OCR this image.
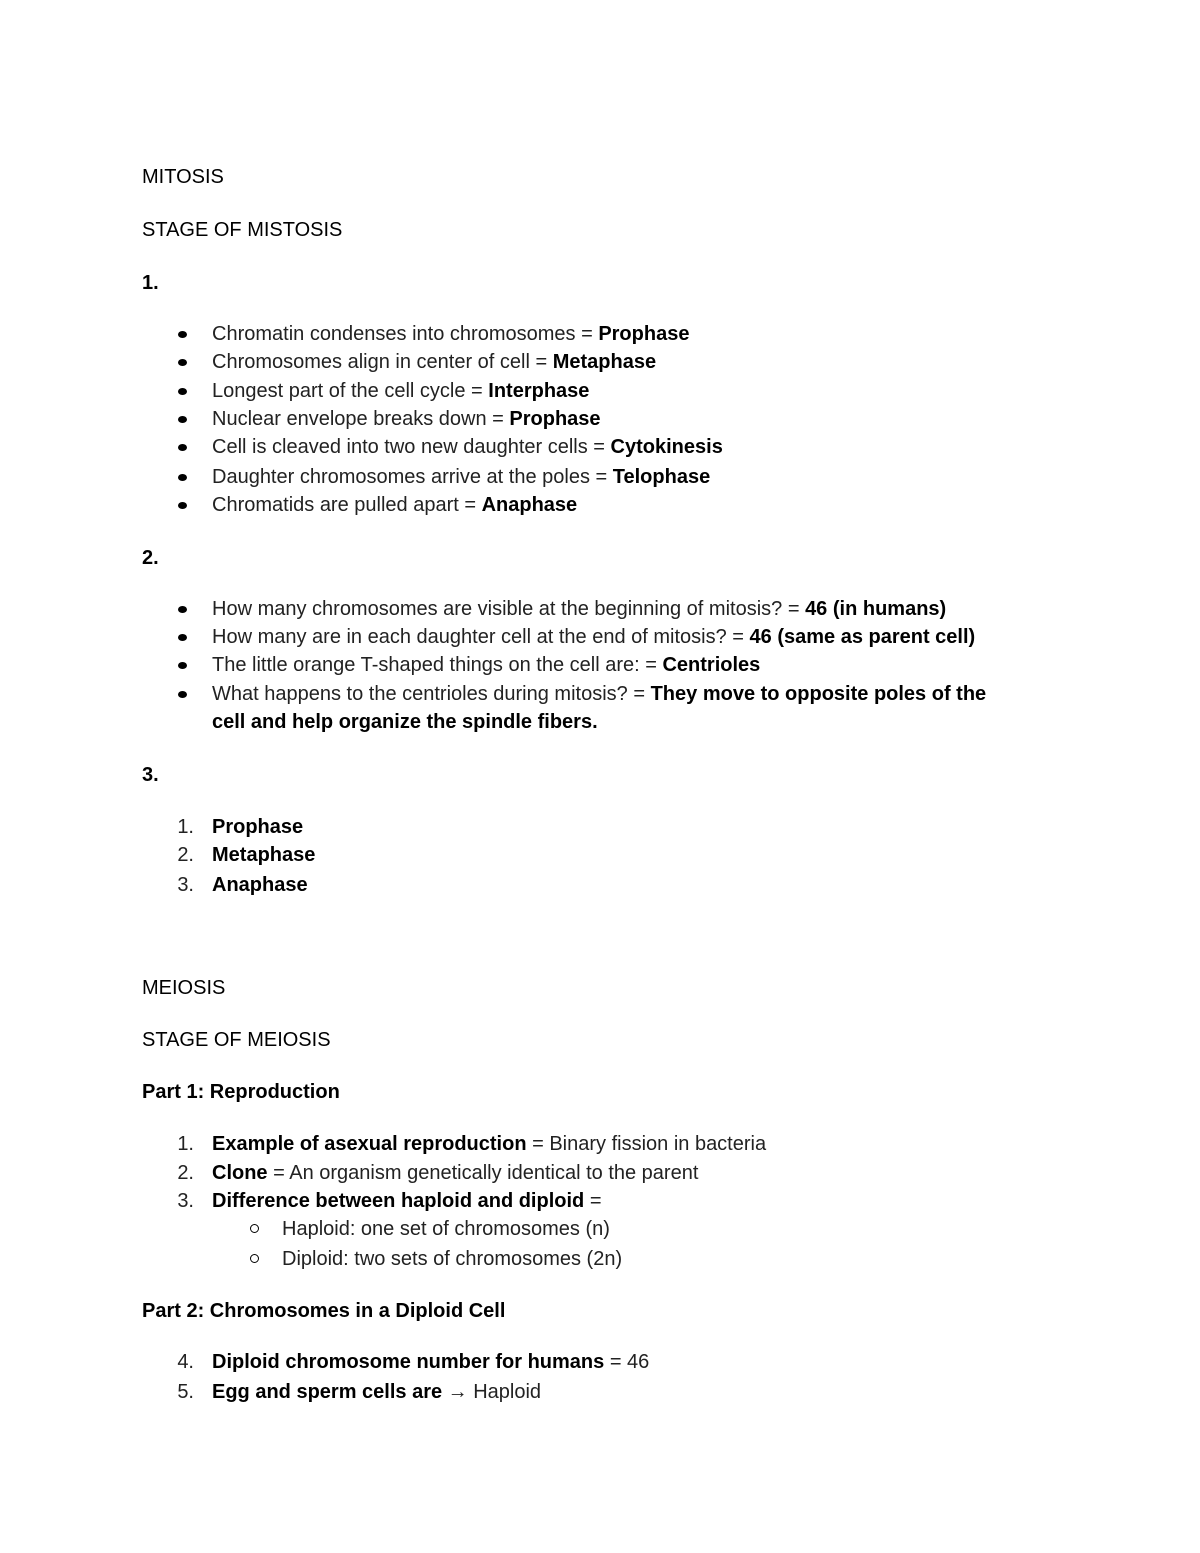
MITOSIS
STAGE OF MISTOSIS
1.
Chromatin condenses into chromosomes = Prophase
Chromosomes align in center of cell = Metaphase
Longest part of the cell cycle = Interphase
Nuclear envelope breaks down = Prophase
Cell is cleaved into two new daughter cells = Cytokinesis
Daughter chromosomes arrive at the poles = Telophase
Chromatids are pulled apart = Anaphase
2.
How many chromosomes are visible at the beginning of mitosis? = 46 (in humans)
How many are in each daughter cell at the end of mitosis? = 46 (same as parent cell)
The little orange T-shaped things on the cell are: = Centrioles
What happens to the centrioles during mitosis? = They move to opposite poles of the
cell and help organize the spindle fibers.
3.
1. Prophase
2. Metaphase
3. Anaphase
MEIOSIS
STAGE OF MEIOSIS
Part 1: Reproduction
1. Example of asexual reproduction = Binary fission in bacteria
2. Clone = An organism genetically identical to the parent
3. Difference between haploid and diploid =
Haploid: one set of chromosomes (n)
Diploid: two sets of chromosomes (2n)
Part 2: Chromosomes in a Diploid Cell
4. Diploid chromosome number for humans = 46
5. Egg and sperm cells are → Haploid
